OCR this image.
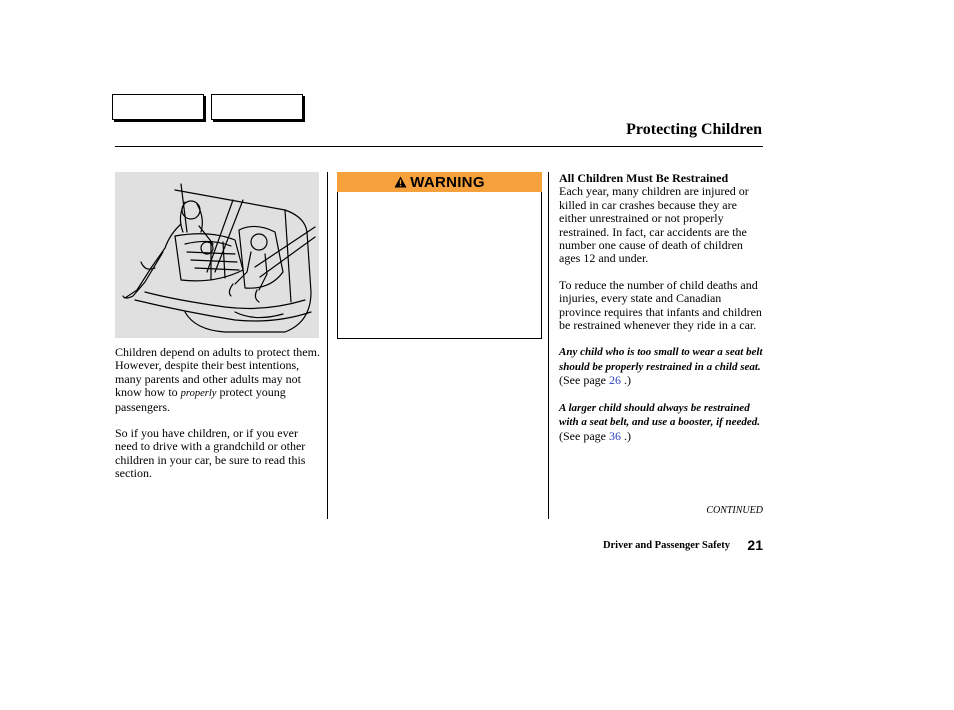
Protecting Children

Children depend on adults to protect them. However, despite their best intentions, many parents and other adults may not know how to properly protect young passengers.

So if you have children, or if you ever need to drive with a grandchild or other children in your car, be sure to read this section.

WARNING	All Children Must Be Restrained

Each year, many children are injured or killed in car crashes because they are either unrestrained or not properly restrained. In fact, car accidents are the number one cause of death of children ages 12 and under.

To reduce the number of child deaths and injuries, every state and Canadian province requires that infants and children be restrained whenever they ride in a car.

Any child who is too small to wear a seat belt should be properly restrained in a child seat. (See page 26 .)

A larger child should always be restrained with a seat belt, and use a booster, if needed. (See page 36 .)

CONTINUED
Driver and Passenger Safety 21
